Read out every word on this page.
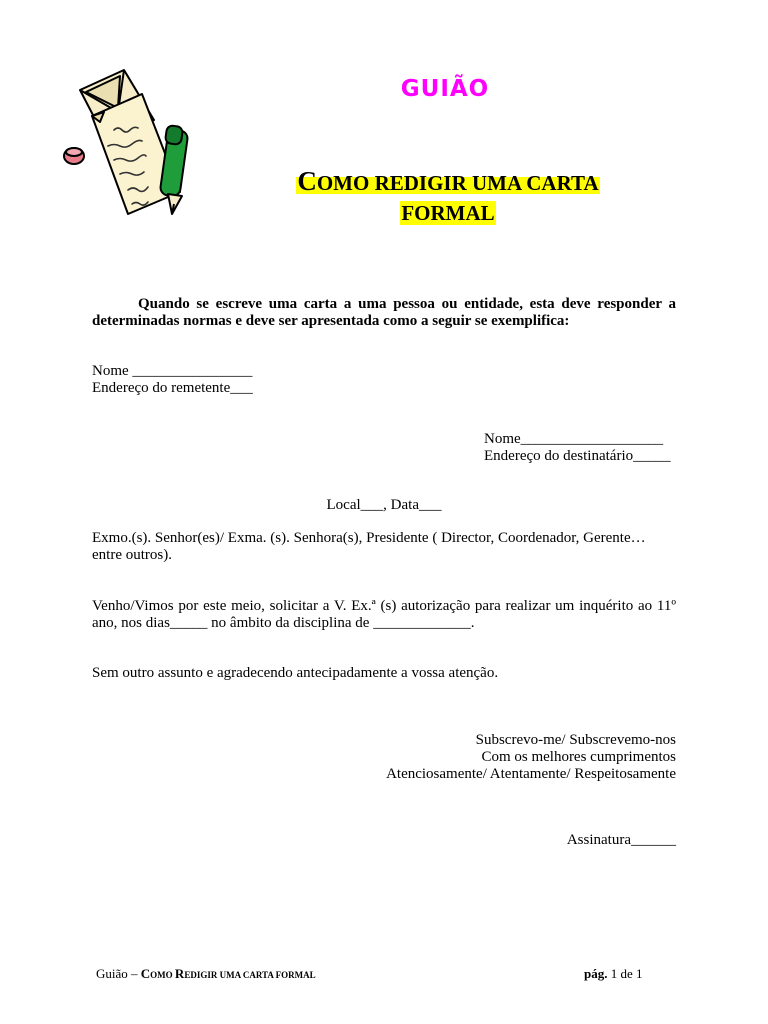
GUIÃO
COMO REDIGIR UMA CARTA
FORMAL
Quando se escreve uma carta a uma pessoa ou entidade, esta deve responder a determinadas normas e deve ser apresentada como a seguir se exemplifica:
Nome ________________
Endereço do remetente___
Nome___________________
Endereço do destinatário_____
Local___, Data___
Exmo.(s). Senhor(es)/ Exma. (s). Senhora(s), Presidente ( Director, Coordenador, Gerente… entre outros).
Venho/Vimos por este meio, solicitar a V. Ex.ª (s) autorização para realizar um inquérito ao 11º ano, nos dias_____ no âmbito da disciplina de _____________.
Sem outro assunto e agradecendo antecipadamente a vossa atenção.
Subscrevo-me/ Subscrevemo-nos
Com os melhores cumprimentos
Atenciosamente/ Atentamente/ Respeitosamente
Assinatura______
Guião – COMO REDIGIR UMA CARTA FORMAL	pág. 1 de 1
